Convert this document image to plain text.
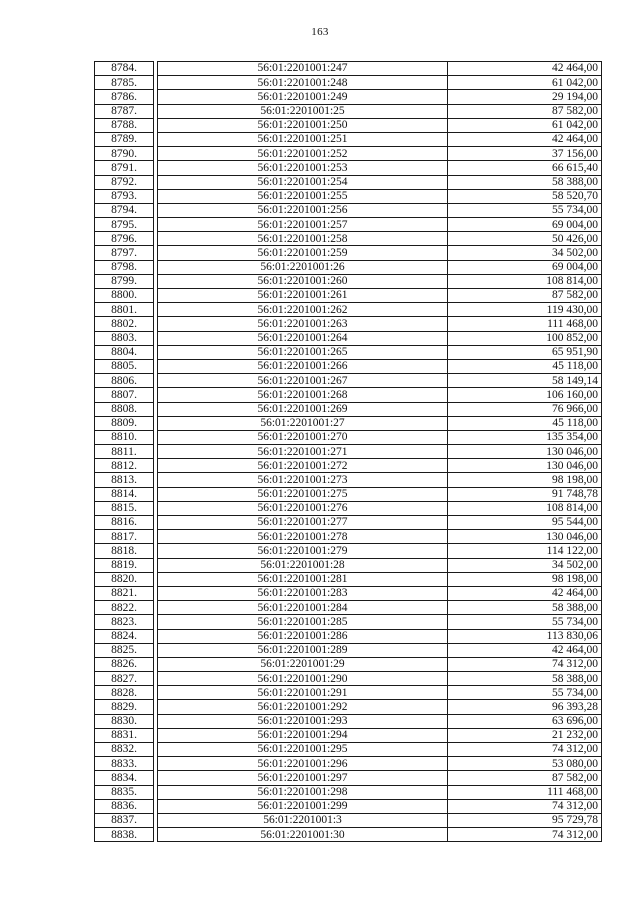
163
8784.		56:01:2201001:247	42 464,00
8785.		56:01:2201001:248	61 042,00
8786.		56:01:2201001:249	29 194,00
8787.		56:01:2201001:25	87 582,00
8788.		56:01:2201001:250	61 042,00
8789.		56:01:2201001:251	42 464,00
8790.		56:01:2201001:252	37 156,00
8791.		56:01:2201001:253	66 615,40
8792.		56:01:2201001:254	58 388,00
8793.		56:01:2201001:255	58 520,70
8794.		56:01:2201001:256	55 734,00
8795.		56:01:2201001:257	69 004,00
8796.		56:01:2201001:258	50 426,00
8797.		56:01:2201001:259	34 502,00
8798.		56:01:2201001:26	69 004,00
8799.		56:01:2201001:260	108 814,00
8800.		56:01:2201001:261	87 582,00
8801.		56:01:2201001:262	119 430,00
8802.		56:01:2201001:263	111 468,00
8803.		56:01:2201001:264	100 852,00
8804.		56:01:2201001:265	65 951,90
8805.		56:01:2201001:266	45 118,00
8806.		56:01:2201001:267	58 149,14
8807.		56:01:2201001:268	106 160,00
8808.		56:01:2201001:269	76 966,00
8809.		56:01:2201001:27	45 118,00
8810.		56:01:2201001:270	135 354,00
8811.		56:01:2201001:271	130 046,00
8812.		56:01:2201001:272	130 046,00
8813.		56:01:2201001:273	98 198,00
8814.		56:01:2201001:275	91 748,78
8815.		56:01:2201001:276	108 814,00
8816.		56:01:2201001:277	95 544,00
8817.		56:01:2201001:278	130 046,00
8818.		56:01:2201001:279	114 122,00
8819.		56:01:2201001:28	34 502,00
8820.		56:01:2201001:281	98 198,00
8821.		56:01:2201001:283	42 464,00
8822.		56:01:2201001:284	58 388,00
8823.		56:01:2201001:285	55 734,00
8824.		56:01:2201001:286	113 830,06
8825.		56:01:2201001:289	42 464,00
8826.		56:01:2201001:29	74 312,00
8827.		56:01:2201001:290	58 388,00
8828.		56:01:2201001:291	55 734,00
8829.		56:01:2201001:292	96 393,28
8830.		56:01:2201001:293	63 696,00
8831.		56:01:2201001:294	21 232,00
8832.		56:01:2201001:295	74 312,00
8833.		56:01:2201001:296	53 080,00
8834.		56:01:2201001:297	87 582,00
8835.		56:01:2201001:298	111 468,00
8836.		56:01:2201001:299	74 312,00
8837.		56:01:2201001:3	95 729,78
8838.		56:01:2201001:30	74 312,00
